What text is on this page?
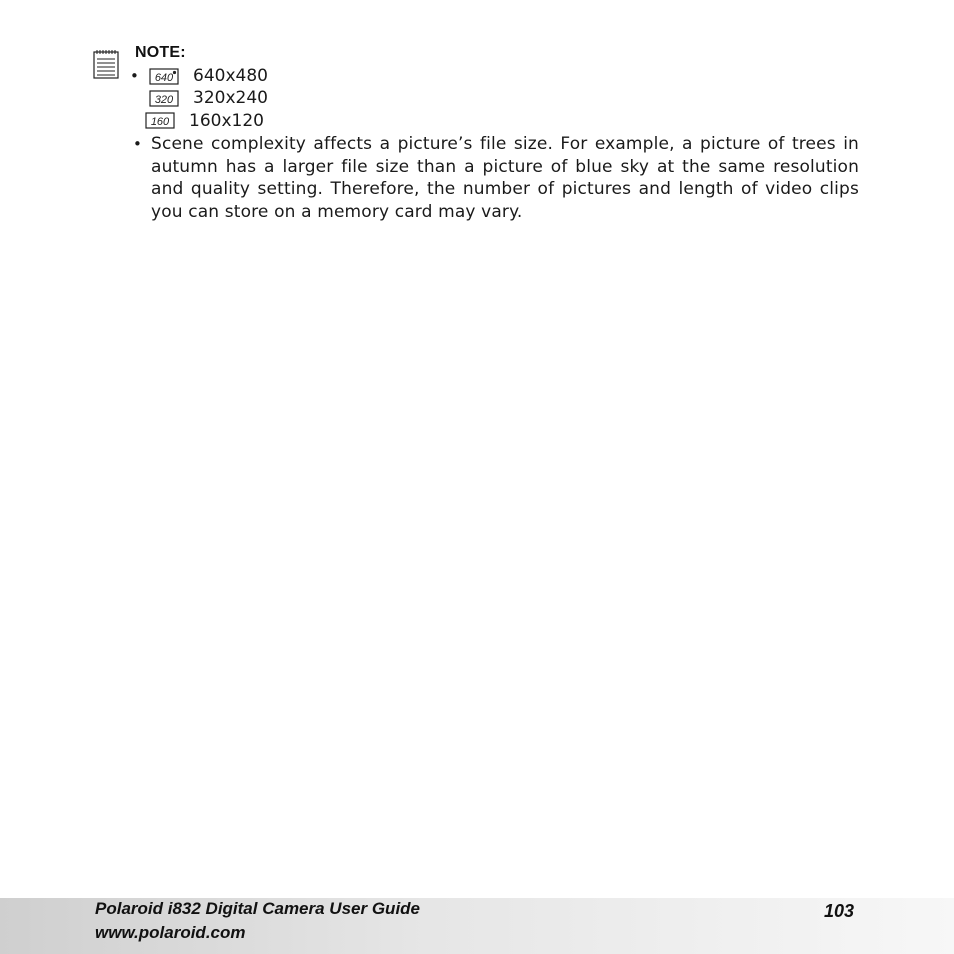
NOTE:
• 640 640x480
320 320x240
160 160x120
• Scene complexity affects a picture’s file size. For example, a picture of trees in autumn has a larger file size than a picture of blue sky at the same resolution and quality setting. Therefore, the number of pictures and length of video clips you can store on a memory card may vary.
Polaroid i832 Digital Camera User Guide
www.polaroid.com
103
